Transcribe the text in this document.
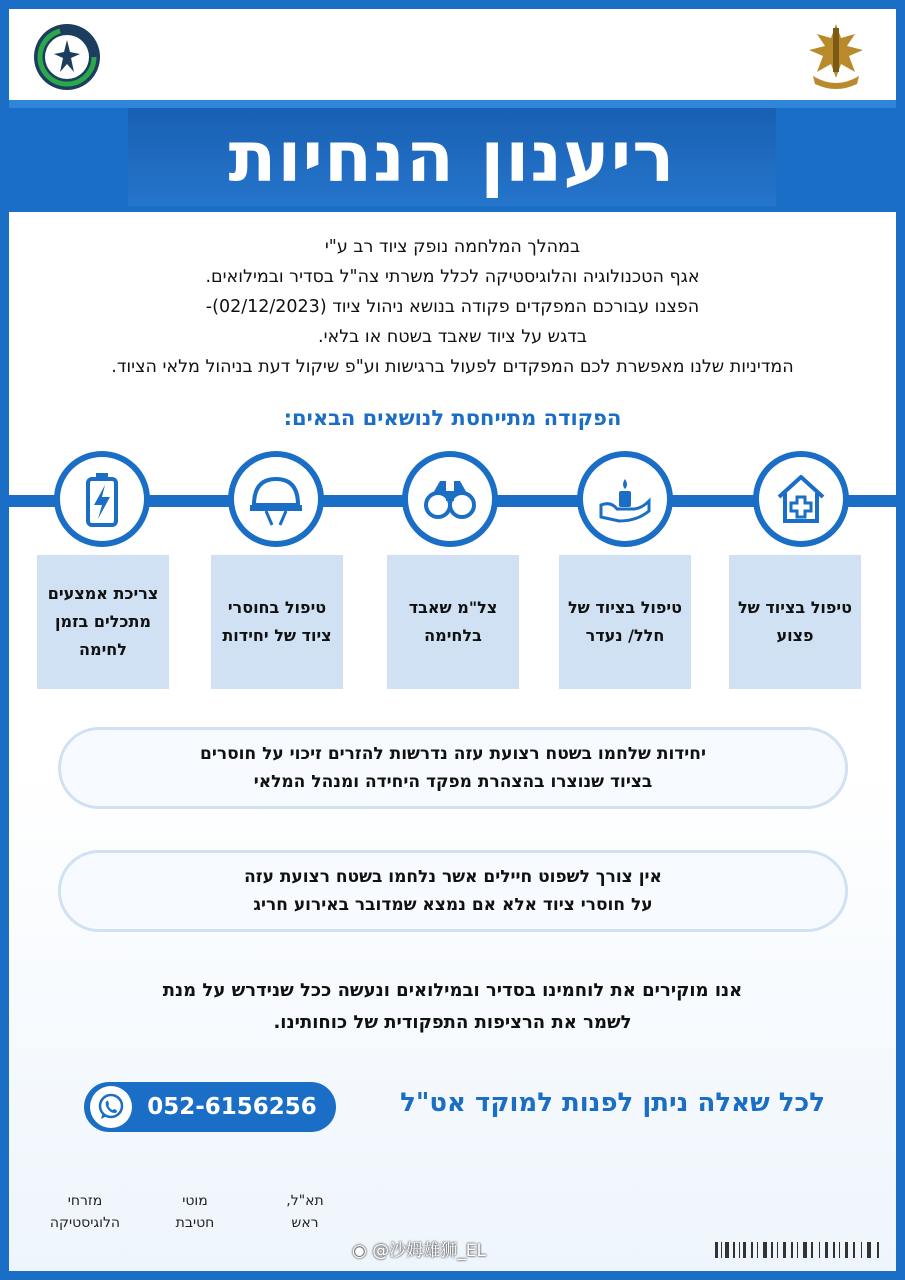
ריענון הנחיות
במהלך המלחמה נופק ציוד רב ע"י
אגף הטכנולוגיה והלוגיסטיקה לכלל משרתי צה"ל בסדיר ובמילואים.
הפצנו עבורכם המפקדים פקודה בנושא ניהול ציוד (02/12/2023)-
בדגש על ציוד שאבד בשטח או בלאי.
המדיניות שלנו מאפשרת לכם המפקדים לפעול ברגישות וע"פ שיקול דעת בניהול מלאי הציוד.
הפקודה מתייחסת לנושאים הבאים:
טיפול בציוד של פצוע
טיפול בציוד של חלל/ נעדר
צל"מ שאבד בלחימה
טיפול בחוסרי ציוד של יחידות
צריכת אמצעים מתכלים בזמן לחימה
יחידות שלחמו בשטח רצועת עזה נדרשות להזרים זיכוי על חוסרים
בציוד שנוצרו בהצהרת מפקד היחידה ומנהל המלאי
אין צורך לשפוט חיילים אשר נלחמו בשטח רצועת עזה
על חוסרי ציוד אלא אם נמצא שמדובר באירוע חריג
אנו מוקירים את לוחמינו בסדיר ובמילואים ונעשה ככל שנידרש על מנת
לשמר את הרציפות התפקודית של כוחותינו.
לכל שאלה ניתן לפנות למוקד אט"ל
052-6156256
תא"ל,
ראש
מוטי
חטיבת
מזרחי
הלוגיסטיקה
◉ @沙姆雄狮_EL
